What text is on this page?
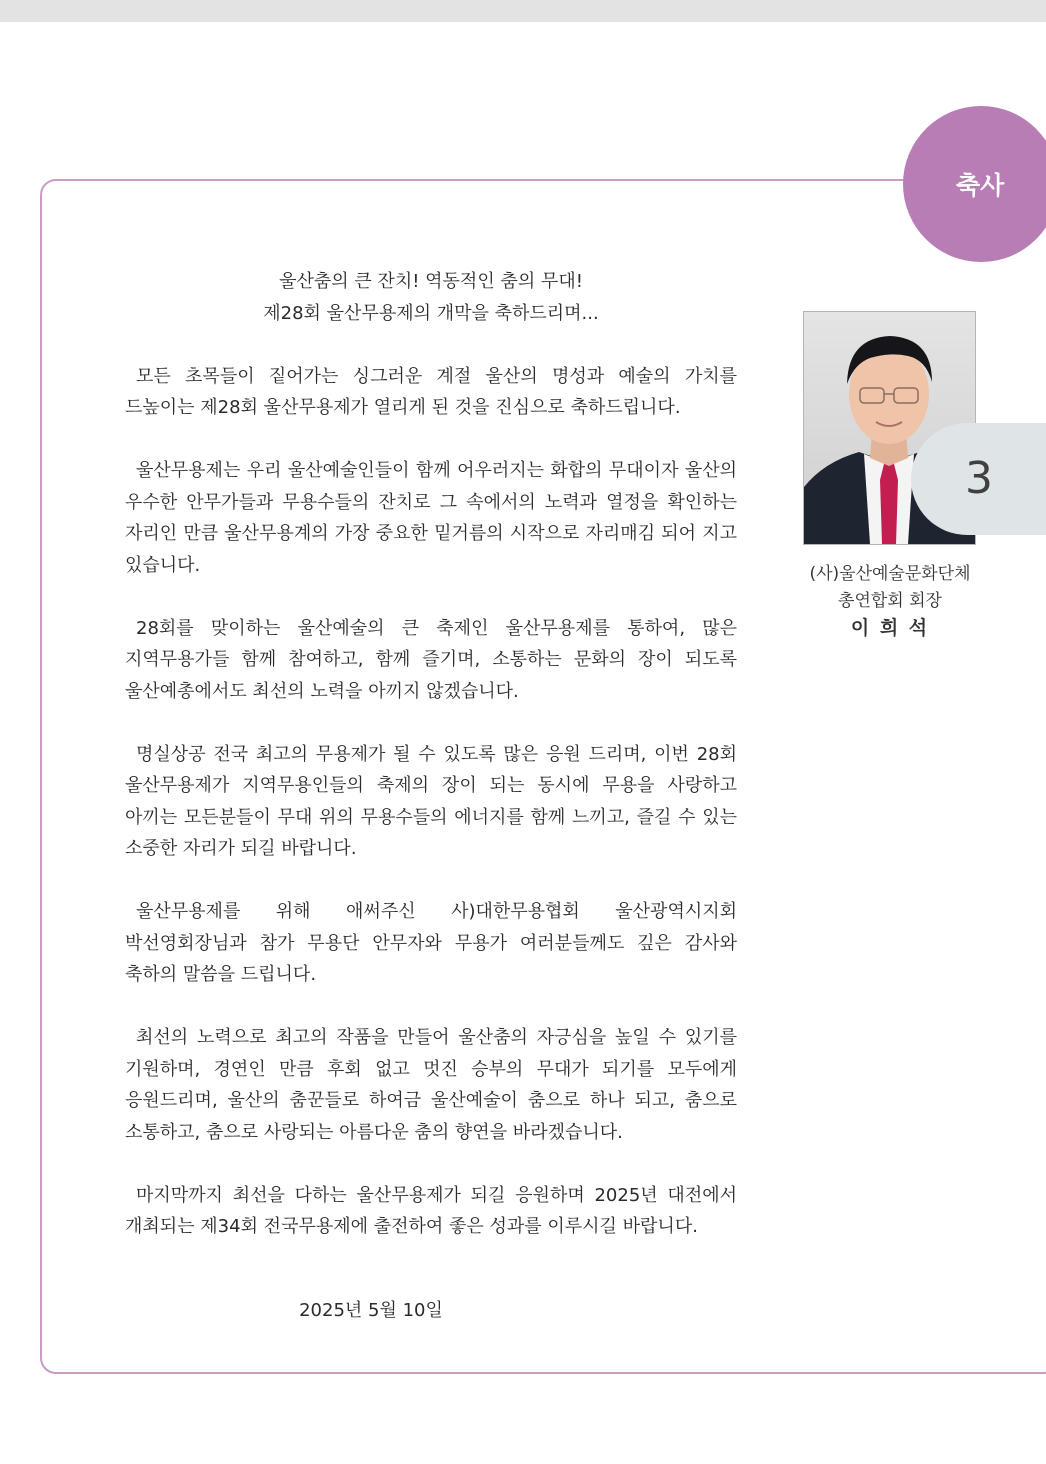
축사
3
(사)울산예술문화단체
총연합회 회장
이 희 석

울산춤의 큰 잔치! 역동적인 춤의 무대!

제28회 울산무용제의 개막을 축하드리며...

모든 초목들이 짙어가는 싱그러운 계절 울산의 명성과 예술의 가치를 드높이는 제28회 울산무용제가 열리게 된 것을 진심으로 축하드립니다.

울산무용제는 우리 울산예술인들이 함께 어우러지는 화합의 무대이자 울산의 우수한 안무가들과 무용수들의 잔치로 그 속에서의 노력과 열정을 확인하는 자리인 만큼 울산무용계의 가장 중요한 밑거름의 시작으로 자리매김 되어 지고 있습니다.

28회를 맞이하는 울산예술의 큰 축제인 울산무용제를 통하여, 많은 지역무용가들 함께 참여하고, 함께 즐기며, 소통하는 문화의 장이 되도록 울산예총에서도 최선의 노력을 아끼지 않겠습니다.

명실상공 전국 최고의 무용제가 될 수 있도록 많은 응원 드리며, 이번 28회 울산무용제가 지역무용인들의 축제의 장이 되는 동시에 무용을 사랑하고 아끼는 모든분들이 무대 위의 무용수들의 에너지를 함께 느끼고, 즐길 수 있는 소중한 자리가 되길 바랍니다.

울산무용제를 위해 애써주신 사)대한무용협회 울산광역시지회 박선영회장님과 참가 무용단 안무자와 무용가 여러분들께도 깊은 감사와 축하의 말씀을 드립니다.

최선의 노력으로 최고의 작품을 만들어 울산춤의 자긍심을 높일 수 있기를 기원하며, 경연인 만큼 후회 없고 멋진 승부의 무대가 되기를 모두에게 응원드리며, 울산의 춤꾼들로 하여금 울산예술이 춤으로 하나 되고, 춤으로 소통하고, 춤으로 사랑되는 아름다운 춤의 향연을 바라겠습니다.

마지막까지 최선을 다하는 울산무용제가 되길 응원하며 2025년 대전에서 개최되는 제34회 전국무용제에 출전하여 좋은 성과를 이루시길 바랍니다.

2025년 5월 10일
